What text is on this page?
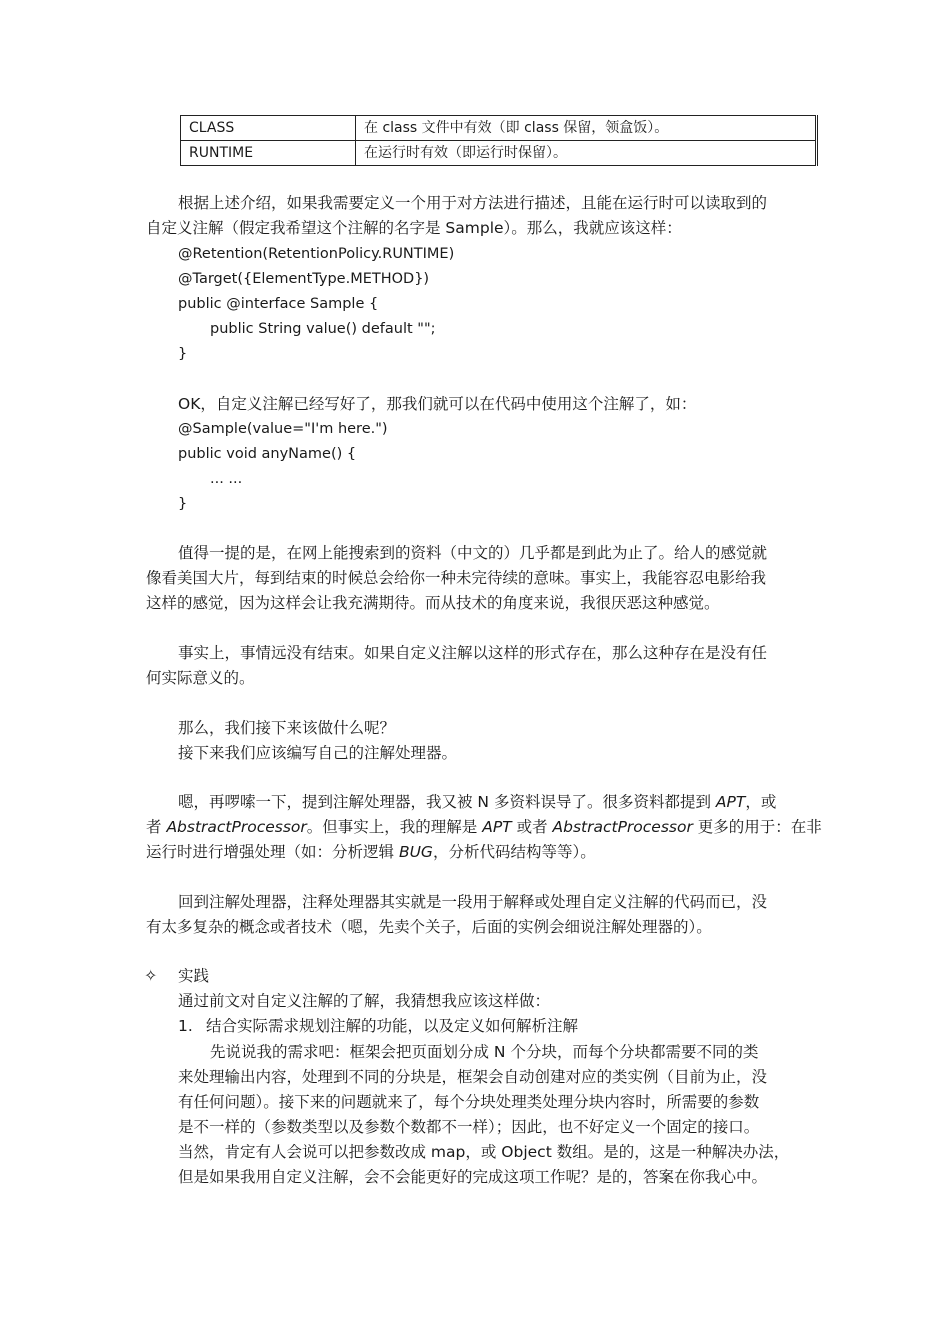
CLASS	在 class 文件中有效（即 class 保留，领盒饭）。
RUNTIME	在运行时有效（即运行时保留）。
根据上述介绍，如果我需要定义一个用于对方法进行描述，且能在运行时可以读取到的
自定义注解（假定我希望这个注解的名字是 Sample）。那么，我就应该这样：
@Retention(RetentionPolicy.RUNTIME)
@Target({ElementType.METHOD})
public @interface Sample {
public String value() default "";
}
OK，自定义注解已经写好了，那我们就可以在代码中使用这个注解了，如：
@Sample(value="I'm here.")
public void anyName() {
... ...
}
值得一提的是，在网上能搜索到的资料（中文的）几乎都是到此为止了。给人的感觉就
像看美国大片，每到结束的时候总会给你一种未完待续的意味。事实上，我能容忍电影给我
这样的感觉，因为这样会让我充满期待。而从技术的角度来说，我很厌恶这种感觉。
事实上，事情远没有结束。如果自定义注解以这样的形式存在，那么这种存在是没有任
何实际意义的。
那么，我们接下来该做什么呢？
接下来我们应该编写自己的注解处理器。
嗯，再啰嗦一下，提到注解处理器，我又被 N 多资料误导了。很多资料都提到 APT，或
者 AbstractProcessor。但事实上，我的理解是 APT 或者 AbstractProcessor 更多的用于：在非
运行时进行增强处理（如：分析逻辑 BUG，分析代码结构等等）。
回到注解处理器，注释处理器其实就是一段用于解释或处理自定义注解的代码而已，没
有太多复杂的概念或者技术（嗯，先卖个关子，后面的实例会细说注解处理器的）。
✧ 实践
通过前文对自定义注解的了解，我猜想我应该这样做：
1. 结合实际需求规划注解的功能，以及定义如何解析注解
先说说我的需求吧：框架会把页面划分成 N 个分块，而每个分块都需要不同的类
来处理输出内容，处理到不同的分块是，框架会自动创建对应的类实例（目前为止，没
有任何问题）。接下来的问题就来了，每个分块处理类处理分块内容时，所需要的参数
是不一样的（参数类型以及参数个数都不一样）；因此，也不好定义一个固定的接口。
当然，肯定有人会说可以把参数改成 map，或 Object 数组。是的，这是一种解决办法，
但是如果我用自定义注解，会不会能更好的完成这项工作呢？是的，答案在你我心中。
